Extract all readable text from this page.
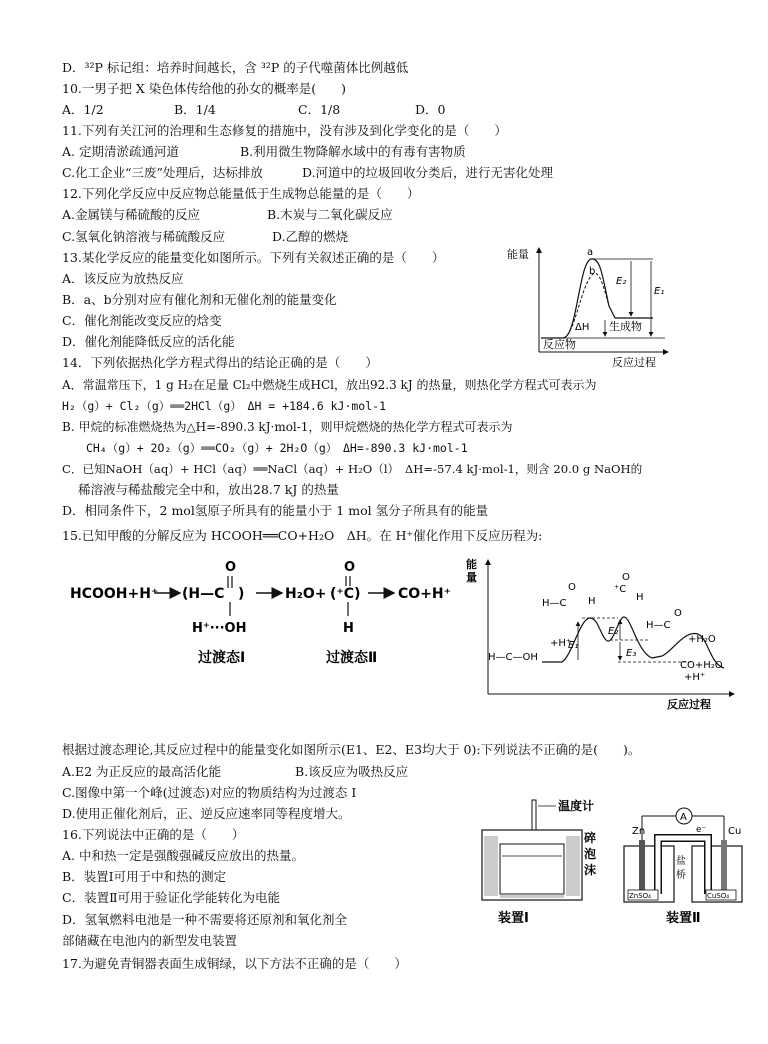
D．³²P 标记组：培养时间越长，含 ³²P 的子代噬菌体比例越低
10.一男子把 X 染色体传给他的孙女的概率是(　　)
A．1/2	B．1/4	C．1/8	D．0
11.下列有关江河的治理和生态修复的措施中，没有涉及到化学变化的是（　　）
A. 定期清淤疏通河道	B.利用微生物降解水域中的有毒有害物质
C.化工企业“三废”处理后，达标排放	D.河道中的垃圾回收分类后，进行无害化处理
12.下列化学反应中反应物总能量低于生成物总能量的是（　　）
A.金属镁与稀硫酸的反应	B.木炭与二氧化碳反应
C.氢氧化钠溶液与稀硫酸反应	D.乙醇的燃烧
13.某化学反应的能量变化如图所示。下列有关叙述正确的是（　　）
A．该反应为放热反应
B．a、b分别对应有催化剂和无催化剂的能量变化
C．催化剂能改变反应的焓变
D．催化剂能降低反应的活化能
14．下列依据热化学方程式得出的结论正确的是（　　）
A．常温常压下，1 g H₂在足量 Cl₂中燃烧生成HCl，放出92.3 kJ 的热量，则热化学方程式可表示为
H₂（g）+ Cl₂（g）══2HCl（g）　ΔH = +184.6 kJ·mol-1
B. 甲烷的标准燃烧热为△H=-890.3 kJ·mol-1，则甲烷燃烧的热化学方程式可表示为
CH₄（g）+ 2O₂（g）══CO₂（g）+ 2H₂O（g）　ΔH=-890.3 kJ·mol-1
C．已知NaOH（aq）+ HCl（aq）══NaCl（aq）+ H₂O（l）　ΔH=-57.4 kJ·mol-1，则含 20.0 g NaOH的
稀溶液与稀盐酸完全中和，放出28.7 kJ 的热量
D．相同条件下，2 mol氢原子所具有的能量小于 1 mol 氢分子所具有的能量
15.已知甲酸的分解反应为 HCOOH══CO+H₂O　ΔH。在 H⁺催化作用下反应历程为:
根据过渡态理论,其反应过程中的能量变化如图所示(E1、E2、E3均大于 0):下列说法不正确的是(　　)。
A.E2 为正反应的最高活化能	B.该反应为吸热反应
C.图像中第一个峰(过渡态)对应的物质结构为过渡态 I
D.使用正催化剂后，正、逆反应速率同等程度增大。
16.下列说法中正确的是（　　）
A. 中和热一定是强酸强碱反应放出的热量。
B．装置Ⅰ可用于中和热的测定
C．装置Ⅱ可用于验证化学能转化为电能
D．氢氧燃料电池是一种不需要将还原剂和氧化剂全
部储藏在电池内的新型发电装置
17.为避免青铜器表面生成铜绿，以下方法不正确的是（　　）
能量
反应过程
a
b
E₂
E₁
ΔH 生成物
反应物
HCOOH+H⁺ (H—C
O
)
H⁺···OH
过渡态Ⅰ
H₂O+ (⁺C)
O
H
过渡态Ⅱ
CO+H⁺
能
量
反应过程
H—C—OH
+H⁺
E₁
E₂
E₃
+H₂O
CO+H₂O
+H⁺
H—C
O
H
⁺C
O
H
H—C
O
温度计
碎
泡
沫
装置Ⅰ
A
Zn	Cu
e⁻
盐
桥
ZnSO₄	CuSO₄
装置Ⅱ
